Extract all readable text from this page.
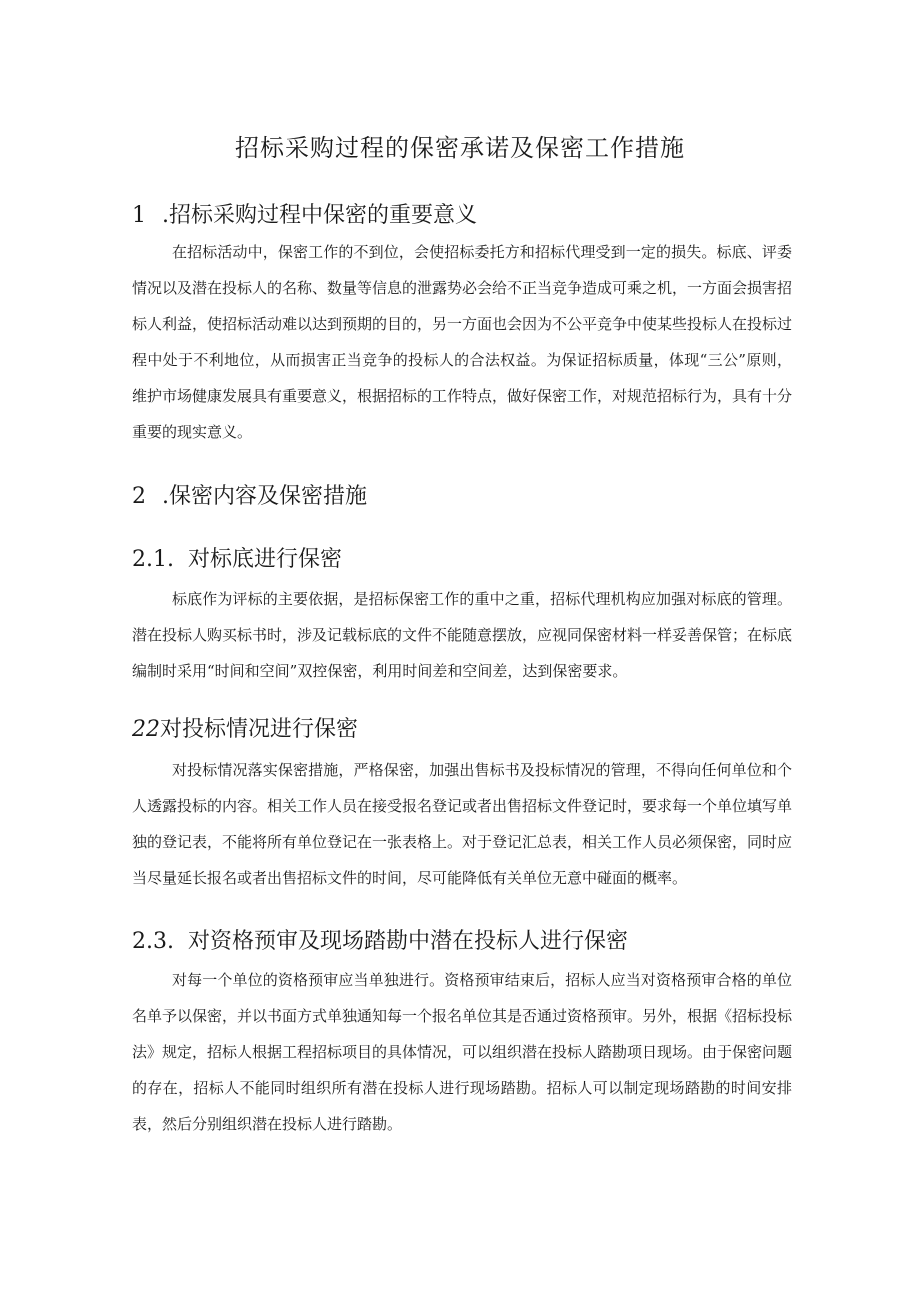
招标采购过程的保密承诺及保密工作措施
1 .招标采购过程中保密的重要意义
在招标活动中，保密工作的不到位，会使招标委托方和招标代理受到一定的损失。标底、评委情况以及潜在投标人的名称、数量等信息的泄露势必会给不正当竞争造成可乘之机，一方面会损害招标人利益，使招标活动难以达到预期的目的，另一方面也会因为不公平竞争中使某些投标人在投标过程中处于不利地位，从而损害正当竞争的投标人的合法权益。为保证招标质量，体现“三公”原则，维护市场健康发展具有重要意义，根据招标的工作特点，做好保密工作，对规范招标行为，具有十分重要的现实意义。
2 .保密内容及保密措施
2.1. 对标底进行保密
标底作为评标的主要依据，是招标保密工作的重中之重，招标代理机构应加强对标底的管理。潜在投标人购买标书时，涉及记载标底的文件不能随意摆放，应视同保密材料一样妥善保管；在标底编制时采用“时间和空间”双控保密，利用时间差和空间差，达到保密要求。
22对投标情况进行保密
对投标情况落实保密措施，严格保密，加强出售标书及投标情况的管理，不得向任何单位和个人透露投标的内容。相关工作人员在接受报名登记或者出售招标文件登记时，要求每一个单位填写单独的登记表，不能将所有单位登记在一张表格上。对于登记汇总表，相关工作人员必须保密，同时应当尽量延长报名或者出售招标文件的时间，尽可能降低有关单位无意中碰面的概率。
2.3. 对资格预审及现场踏勘中潜在投标人进行保密
对每一个单位的资格预审应当单独进行。资格预审结束后，招标人应当对资格预审合格的单位名单予以保密，并以书面方式单独通知每一个报名单位其是否通过资格预审。另外，根据《招标投标法》规定，招标人根据工程招标项目的具体情况，可以组织潜在投标人踏勘项日现场。由于保密问题的存在，招标人不能同时组织所有潜在投标人进行现场踏勘。招标人可以制定现场踏勘的时间安排表，然后分别组织潜在投标人进行踏勘。
